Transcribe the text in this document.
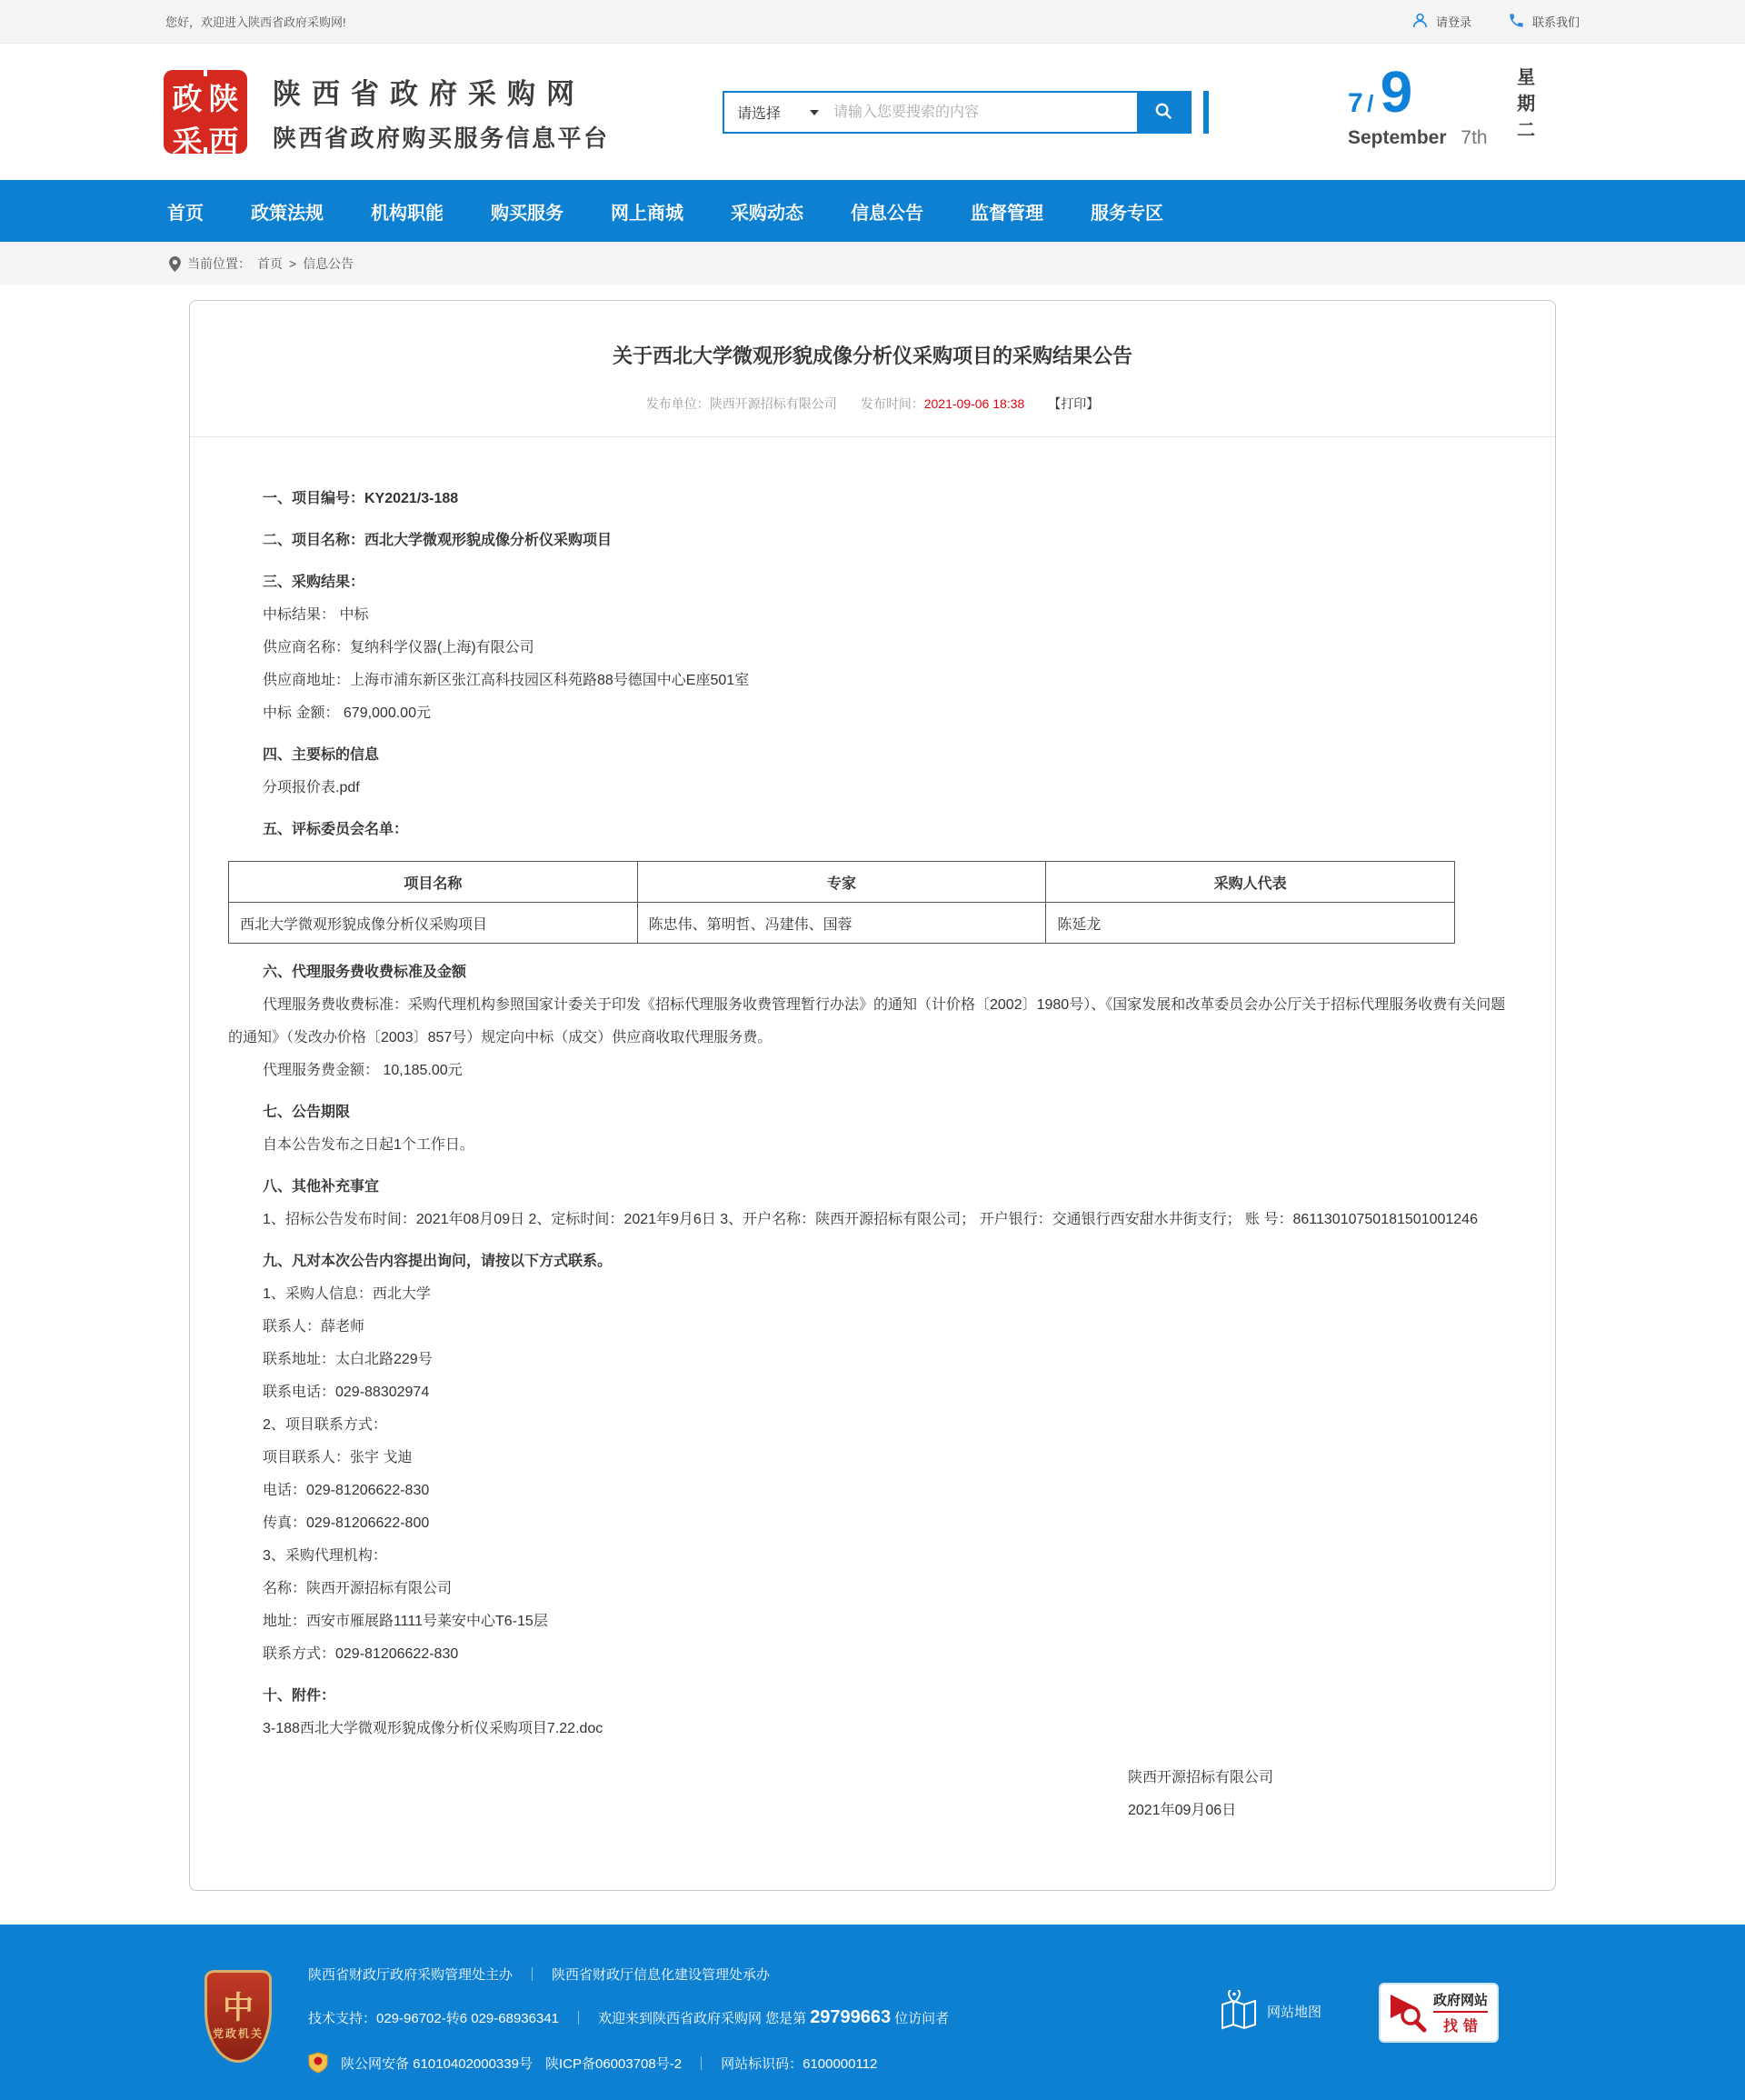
您好，欢迎进入陕西省政府采购网!	请登录	联系我们
政 陕
采 西
陕西省政府采购网
陕西省政府购买服务信息平台
请选择
请输入您要搜索的内容	7 / 9
September 7th 星期二
首页	政策法规	机构职能	购买服务	网上商城	采购动态	信息公告	监督管理	服务专区
当前位置： 首页 > 信息公告
关于西北大学微观形貌成像分析仪采购项目的采购结果公告
发布单位：陕西开源招标有限公司 发布时间：2021-09-06 18:38 【打印】

一、项目编号：KY2021/3-188

二、项目名称：西北大学微观形貌成像分析仪采购项目

三、采购结果：

中标结果： 中标

供应商名称：复纳科学仪器(上海)有限公司

供应商地址：上海市浦东新区张江高科技园区科苑路88号德国中心E座501室

中标 金额： 679,000.00元

四、主要标的信息

分项报价表.pdf

五、评标委员会名单：

项目名称	专家	采购人代表
西北大学微观形貌成像分析仪采购项目	陈忠伟、第明哲、冯建伟、国蓉	陈延龙

六、代理服务费收费标准及金额

代理服务费收费标准：采购代理机构参照国家计委关于印发《招标代理服务收费管理暂行办法》的通知（计价格〔2002〕1980号）、《国家发展和改革委员会办公厅关于招标代理服务收费有关问题的通知》（发改办价格〔2003〕857号）规定向中标（成交）供应商收取代理服务费。

代理服务费金额： 10,185.00元

七、公告期限

自本公告发布之日起1个工作日。

八、其他补充事宜

1、招标公告发布时间：2021年08月09日 2、定标时间：2021年9月6日 3、开户名称：陕西开源招标有限公司； 开户银行：交通银行西安甜水井街支行； 账 号：86113010750181501001246

九、凡对本次公告内容提出询问，请按以下方式联系。

1、采购人信息：西北大学

联系人：薛老师

联系地址：太白北路229号

联系电话：029-88302974

2、项目联系方式：

项目联系人：张宇 戈迪

电话：029-81206622-830

传真：029-81206622-800

3、采购代理机构：

名称：陕西开源招标有限公司

地址：西安市雁展路1111号莱安中心T6-15层

联系方式：029-81206622-830

十、附件：

3-188西北大学微观形貌成像分析仪采购项目7.22.doc

陕西开源招标有限公司

2021年09月06日

中
党政机关
陕西省财政厅政府采购管理处主办 ｜ 陕西省财政厅信息化建设管理处承办
技术支持：029-96702-转6 029-68936341 ｜ 欢迎来到陕西省政府采购网 您是第 29799663 位访问者
陕公网安备 61010402000339号 陕ICP备06003708号-2 ｜ 网站标识码：6100000112
网站地图
政府网站
找错
